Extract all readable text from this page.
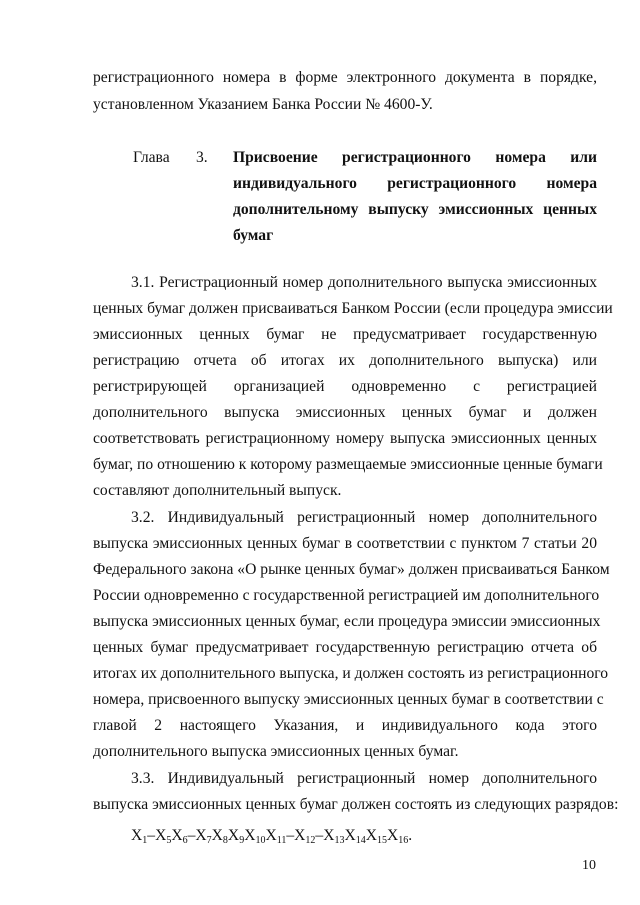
регистрационного номера в форме электронного документа в порядке,
установленном Указанием Банка России № 4600-У.
Глава 3. Присвоение регистрационного номера или
индивидуального регистрационного номера
дополнительному выпуску эмиссионных ценных
бумаг
3.1. Регистрационный номер дополнительного выпуска эмиссионных
ценных бумаг должен присваиваться Банком России (если процедура эмиссии
эмиссионных ценных бумаг не предусматривает государственную
регистрацию отчета об итогах их дополнительного выпуска) или
регистрирующей организацией одновременно с регистрацией
дополнительного выпуска эмиссионных ценных бумаг и должен
соответствовать регистрационному номеру выпуска эмиссионных ценных
бумаг, по отношению к которому размещаемые эмиссионные ценные бумаги
составляют дополнительный выпуск.
3.2. Индивидуальный регистрационный номер дополнительного
выпуска эмиссионных ценных бумаг в соответствии с пунктом 7 статьи 20
Федерального закона «О рынке ценных бумаг» должен присваиваться Банком
России одновременно с государственной регистрацией им дополнительного
выпуска эмиссионных ценных бумаг, если процедура эмиссии эмиссионных
ценных бумаг предусматривает государственную регистрацию отчета об
итогах их дополнительного выпуска, и должен состоять из регистрационного
номера, присвоенного выпуску эмиссионных ценных бумаг в соответствии с
главой 2 настоящего Указания, и индивидуального кода этого
дополнительного выпуска эмиссионных ценных бумаг.
3.3. Индивидуальный регистрационный номер дополнительного
выпуска эмиссионных ценных бумаг должен состоять из следующих разрядов:
$X_1-X_5X_6-X_7X_8X_9X_{10}X_{11}-X_{12}-X_{13}X_{14}X_{15}X_{16}$.
10
